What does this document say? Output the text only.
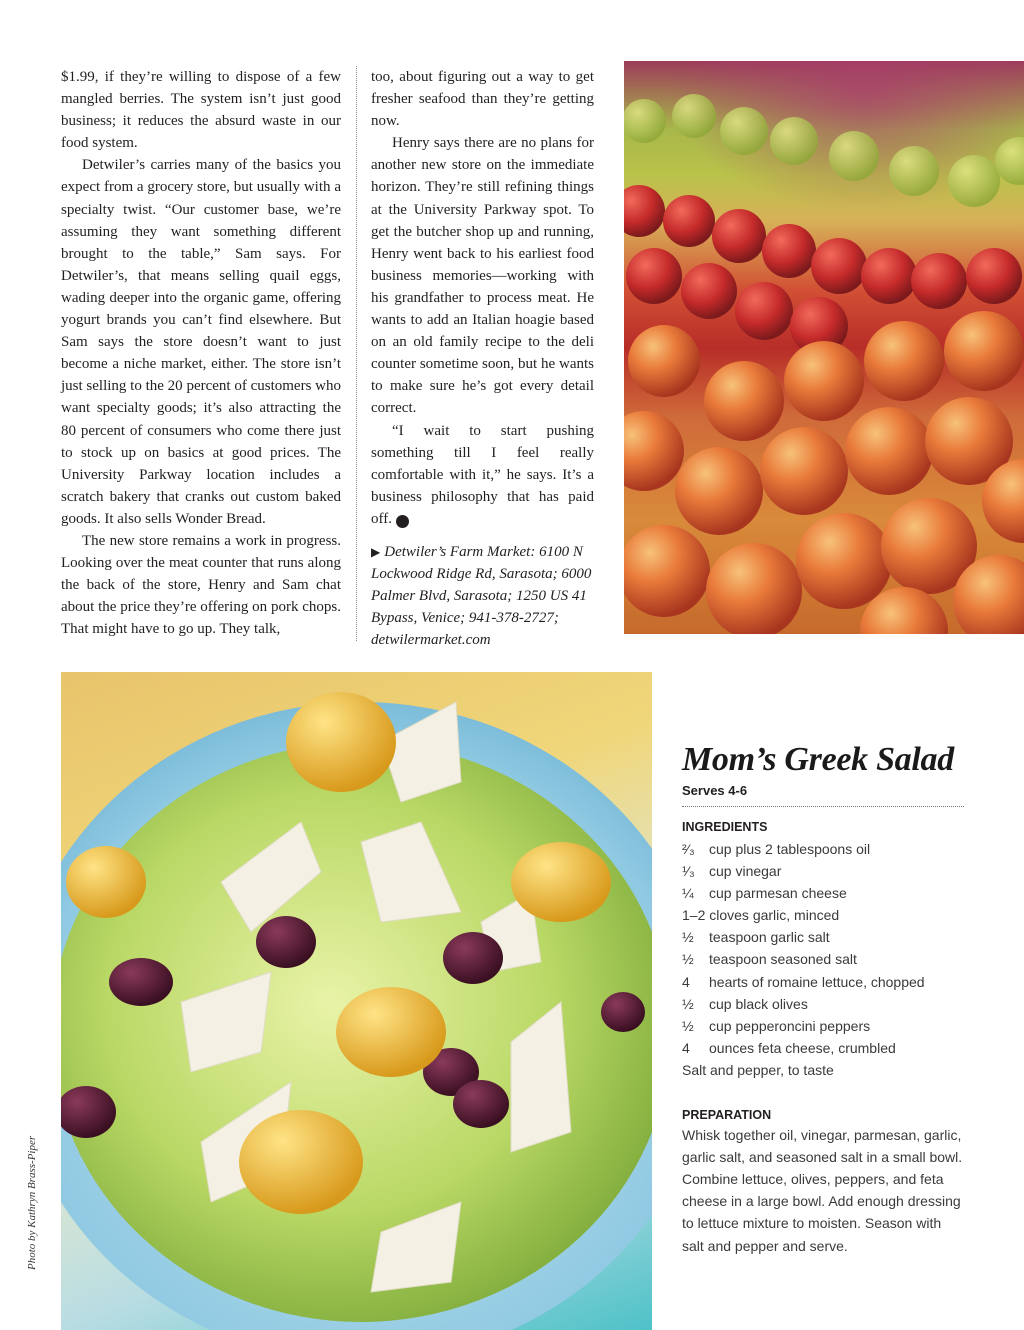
$1.99, if they’re willing to dispose of a few mangled berries. The system isn’t just good business; it reduces the absurd waste in our food system.

Detwiler’s carries many of the basics you expect from a grocery store, but usually with a specialty twist. “Our customer base, we’re assuming they want something different brought to the table,” Sam says. For Detwiler’s, that means selling quail eggs, wading deeper into the organic game, offering yogurt brands you can’t find elsewhere. But Sam says the store doesn’t want to just become a niche market, either. The store isn’t just selling to the 20 percent of customers who want specialty goods; it’s also attracting the 80 percent of consumers who come there just to stock up on basics at good prices. The University Parkway location includes a scratch bakery that cranks out custom baked goods. It also sells Wonder Bread.

The new store remains a work in progress. Looking over the meat counter that runs along the back of the store, Henry and Sam chat about the price they’re offering on pork chops. That might have to go up. They talk,

too, about figuring out a way to get fresher seafood than they’re getting now.

Henry says there are no plans for another new store on the immediate horizon. They’re still refining things at the University Parkway spot. To get the butcher shop up and running, Henry went back to his earliest food business memories—working with his grandfather to process meat. He wants to add an Italian hoagie based on an old family recipe to the deli counter sometime soon, but he wants to make sure he’s got every detail correct.

“I wait to start pushing something till I feel really comfortable with it,” he says. It’s a business philosophy that has paid off. C

▶ Detwiler’s Farm Market: 6100 N Lockwood Ridge Rd, Sarasota; 6000 Palmer Blvd, Sarasota; 1250 US 41 Bypass, Venice; 941-378-2727; detwilermarket.com

Photo by Kathryn Brass-Piper
Mom’s Greek Salad
Serves 4-6
INGREDIENTS
²⁄₃ cup plus 2 tablespoons oil
¹⁄₃ cup vinegar
¼ cup parmesan cheese
1–2 cloves garlic, minced
½ teaspoon garlic salt
½ teaspoon seasoned salt
4 hearts of romaine lettuce, chopped
½ cup black olives
½ cup pepperoncini peppers
4 ounces feta cheese, crumbled
Salt and pepper, to taste
PREPARATION

Whisk together oil, vinegar, parmesan, garlic, garlic salt, and seasoned salt in a small bowl. Combine lettuce, olives, peppers, and feta cheese in a large bowl. Add enough dressing to lettuce mixture to moisten. Season with salt and pepper and serve.
